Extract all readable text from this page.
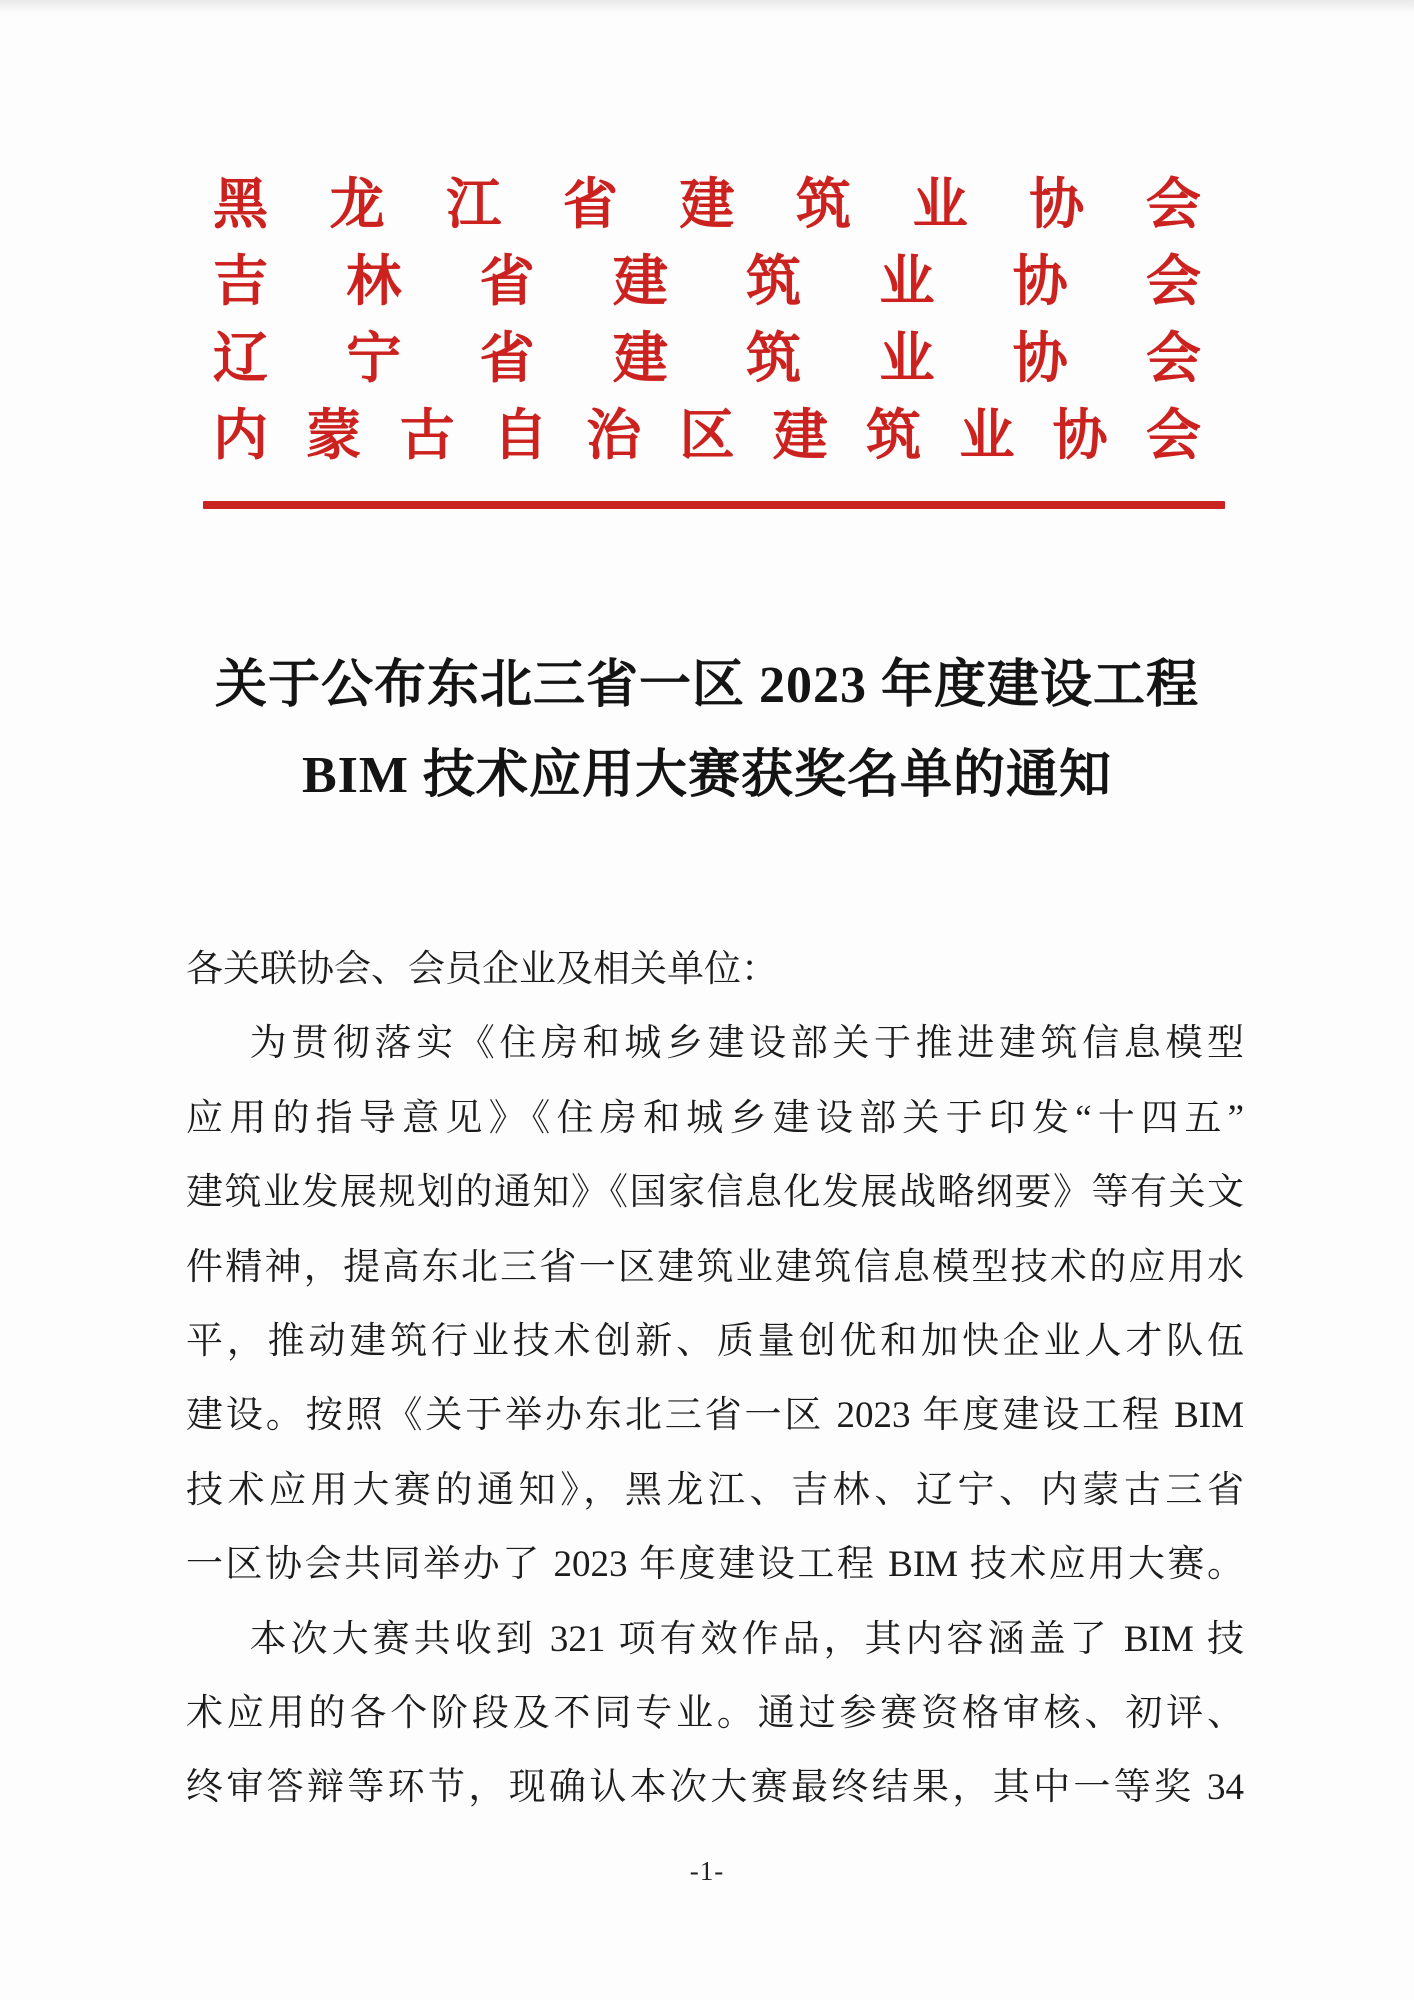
黑 龙 江 省 建 筑 业 协 会
吉 林 省 建 筑 业 协 会
辽 宁 省 建 筑 业 协 会
内 蒙 古 自 治 区 建 筑 业 协 会
关于公布东北三省一区 2023 年度建设工程
BIM 技术应用大赛获奖名单的通知
各关联协会、会员企业及相关单位：
为贯彻落实《住房和城乡建设部关于推进建筑信息模型
应用的指导意见》《住房和城乡建设部关于印发“十四五”
建筑业发展规划的通知》《国家信息化发展战略纲要》等有关文
件精神，提高东北三省一区建筑业建筑信息模型技术的应用水
平，推动建筑行业技术创新、质量创优和加快企业人才队伍
建设。按照《关于举办东北三省一区 2023 年度建设工程 BIM
技术应用大赛的通知》，黑龙江、吉林、辽宁、内蒙古三省
一区协会共同举办了 2023 年度建设工程 BIM 技术应用大赛。
本次大赛共收到 321 项有效作品，其内容涵盖了 BIM 技
术应用的各个阶段及不同专业。通过参赛资格审核、初评、
终审答辩等环节，现确认本次大赛最终结果，其中一等奖 34
-1-
